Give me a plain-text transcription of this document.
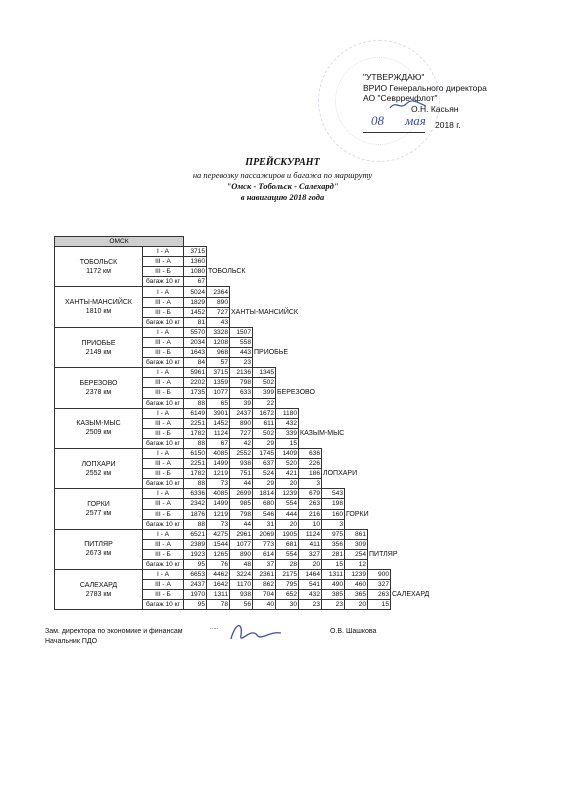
"УТВЕРЖДАЮ"
ВРИО Генерального директора
АО "Севрречфлот"
О.Н. Касьян
08 мая 2018 г.
ПРЕЙСКУРАНТ
на перевозку пассажиров и багажа по маршруту
"Омск - Тобольск - Салехард"
в навигацию 2018 года
ОМСК											

ТОБОЛЬСК
1172 км	I - А	3715									
	III - А	1360									
	III - Б	1080	ТОБОЛЬСК								
	багаж 10 кг	67									

ХАНТЫ-МАНСИЙСК
1810 км	I - А	5024	2364								
	III - А	1829	890								
	III - Б	1452	727	ХАНТЫ-МАНСИЙСК							
	багаж 10 кг	81	43								

ПРИОБЬЕ
2149 км	I - А	5570	3328	1507							
	III - А	2034	1208	558							
	III - Б	1643	968	443	ПРИОБЬЕ						
	багаж 10 кг	84	57	23							

БЕРЕЗОВО
2378 км	I - А	5961	3715	2136	1345						
	III - А	2202	1359	798	502						
	III - Б	1735	1077	633	399	БЕРЕЗОВО					
	багаж 10 кг	88	65	39	22						

КАЗЫМ-МЫС
2509 км	I - А	6149	3901	2437	1672	1180					
	III - А	2251	1452	890	611	432					
	III - Б	1782	1124	727	502	339	КАЗЫМ-МЫС				
	багаж 10 кг	88	67	42	29	15					

ЛОПХАРИ
2552 км	I - А	6150	4085	2552	1745	1409	636				
	III - А	2251	1499	938	637	520	226				
	III - Б	1782	1219	751	524	421	186	ЛОПХАРИ			
	багаж 10 кг	88	73	44	29	20	3				

ГОРКИ
2577 км	I - А	6336	4085	2699	1814	1239	679	543			
	III - А	2342	1499	985	680	554	263	198			
	III - Б	1876	1219	798	546	444	216	160	ГОРКИ		
	багаж 10 кг	88	73	44	31	20	10	3			

ПИТЛЯР
2673 км	I - А	6521	4275	2961	2069	1905	1124	975	861		
	III - А	2389	1544	1077	773	681	411	356	309		
	III - Б	1923	1265	890	614	554	327	281	254	ПИТЛЯР	
	багаж 10 кг	95	76	48	37	28	20	15	12		

САЛЕХАРД
2783 км	I - А	6653	4462	3224	2361	2175	1464	1311	1239	900	
	III - А	2437	1642	1170	862	795	541	490	460	327	
	III - Б	1970	1311	938	704	652	432	385	365	263	САЛЕХАРД
	багаж 10 кг	95	78	56	40	30	23	23	20	15	
Зам. директора по экономике и финансам
Начальник ПДО
.....	О.В. Шашкова
